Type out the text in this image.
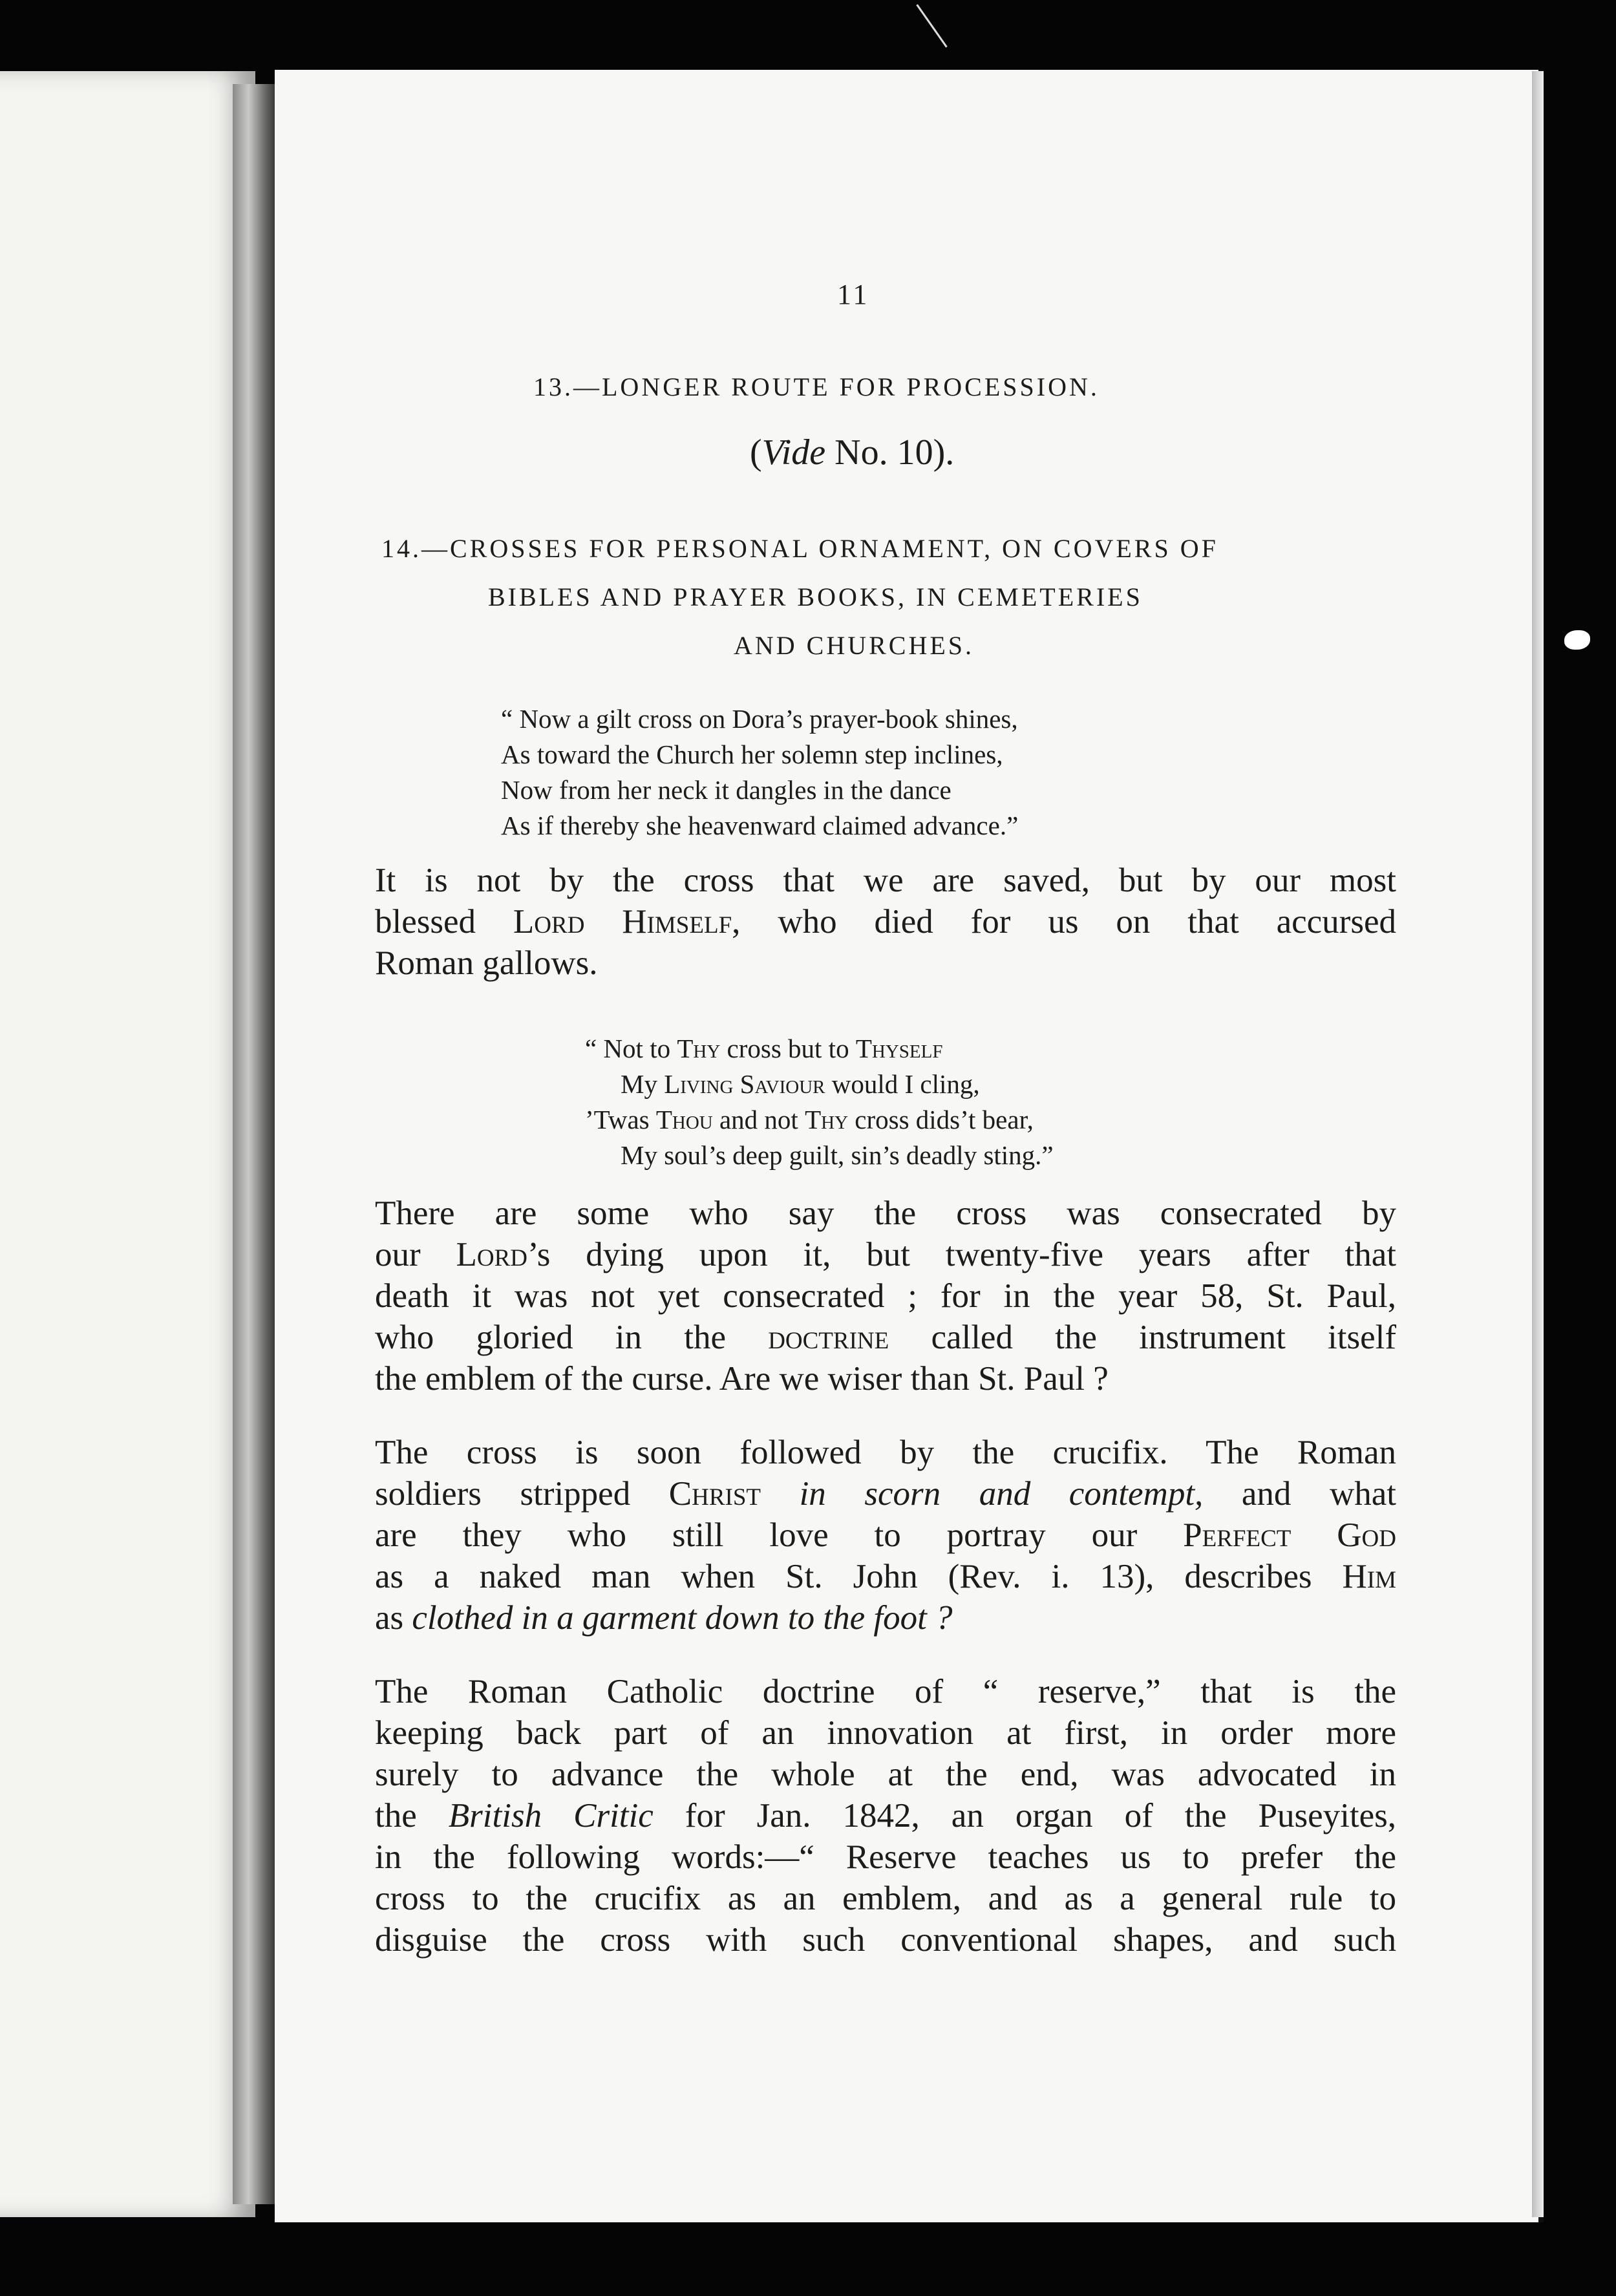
11
13.—LONGER ROUTE FOR PROCESSION.
(Vide No. 10).
14.—CROSSES FOR PERSONAL ORNAMENT, ON COVERS OF
BIBLES AND PRAYER BOOKS, IN CEMETERIES
AND CHURCHES.
“ Now a gilt cross on Dora’s prayer-book shines,
As toward the Church her solemn step inclines,
Now from her neck it dangles in the dance
As if thereby she heavenward claimed advance.”
It is not by the cross that we are saved, but by our most
blessed Lord Himself, who died for us on that accursed
Roman gallows.
“ Not to Thy cross but to Thyself
My Living Saviour would I cling,
’Twas Thou and not Thy cross dids’t bear,
My soul’s deep guilt, sin’s deadly sting.”
There are some who say the cross was consecrated by
our Lord’s dying upon it, but twenty-five years after that
death it was not yet consecrated ; for in the year 58, St. Paul,
who gloried in the doctrine called the instrument itself
the emblem of the curse. Are we wiser than St. Paul ?
The cross is soon followed by the crucifix. The Roman
soldiers stripped Christ in scorn and contempt, and what
are they who still love to portray our Perfect God
as a naked man when St. John (Rev. i. 13), describes Him
as clothed in a garment down to the foot ?
The Roman Catholic doctrine of “ reserve,” that is the
keeping back part of an innovation at first, in order more
surely to advance the whole at the end, was advocated in
the British Critic for Jan. 1842, an organ of the Puseyites,
in the following words:—“ Reserve teaches us to prefer the
cross to the crucifix as an emblem, and as a general rule to
disguise the cross with such conventional shapes, and such
